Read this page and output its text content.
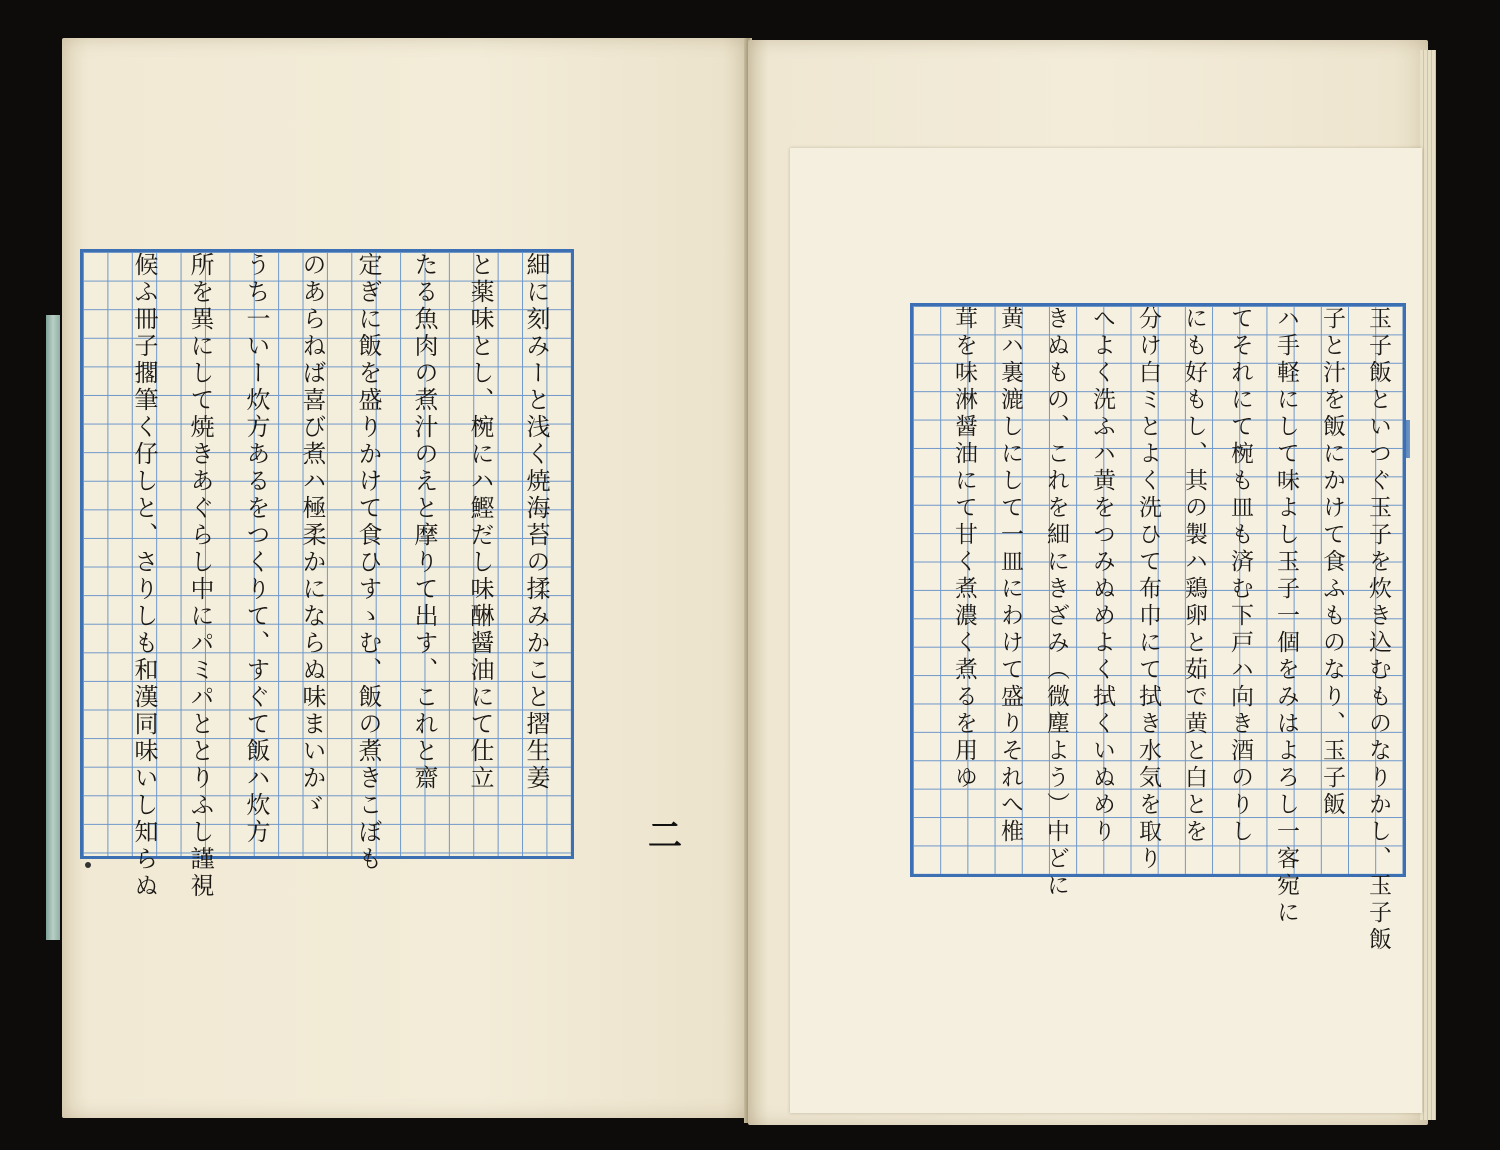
細に刻みーと浅く焼海苔の揉みかこと摺生姜
と薬味とし、椀にハ鰹だし味醂醤油にて仕立
たる魚肉の煮汁のえと摩りて出す、これと齋
定ぎに飯を盛りかけて食ひすゝむ、飯の煮きこぼも
のあらねば喜び煮ハ極柔かにならぬ味まいかゞ
うち一いー炊方あるをつくりて、すぐて飯ハ炊方
所を異にして焼きあぐらし中にパミパととりふし謹視
候ふ冊子擱筆く仔しと、さりしも和漢同味いし知らぬ	二	玉子飯といつぐ玉子を炊き込むものなりかし、玉子飯
子と汁を飯にかけて食ふものなり、玉子飯
ハ手軽にして味よし玉子一個をみはよろし一客宛に
てそれにて椀も皿も済む下戸ハ向き酒のりし
にも好もし、其の製ハ鶏卵と茹で黄と白とを
分け白ミとよく洗ひて布巾にて拭き水気を取り
へよく洗ふハ黄をつみぬめよく拭くいぬめり
きぬもの、これを細にきざみ（微塵よう）中どに
黄ハ裏漉しにして一皿にわけて盛りそれへ椎
茸を味淋醤油にて甘く煮濃く煮るを用ゆ
